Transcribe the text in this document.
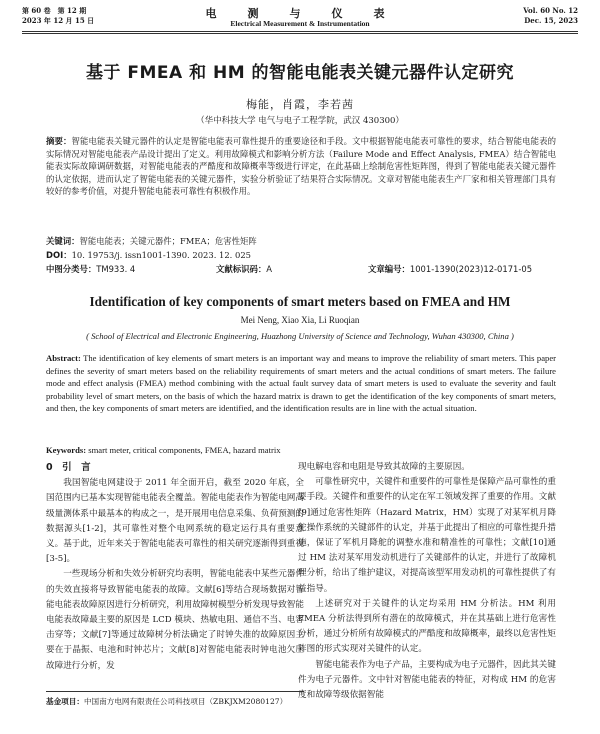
第 60 卷　第 12 期
2023 年 12 月 15 日	电　测　与　仪　表
Electrical Measurement & Instrumentation
Vol. 60 No. 12
Dec. 15, 2023
基于 FMEA 和 HM 的智能电能表关键元器件认定研究
梅能，肖霞，李若茜
（华中科技大学 电气与电子工程学院，武汉 430300）
摘要：智能电能表关键元器件的认定是智能电能表可靠性提升的重要途径和手段。文中根据智能电能表可靠性的要求，结合智能电能表的实际情况对智能电能表产品设计提出了定义。利用故障模式和影响分析方法（Failure Mode and Effect Analysis, FMEA）结合智能电能表实际故障调研数据，对智能电能表的严酷度和故障概率等级进行评定，在此基础上绘制危害性矩阵图，得到了智能电能表关键元器件的认定依据，进而认定了智能电能表的关键元器件，实验分析验证了结果符合实际情况。文章对智能电能表生产厂家和相关管理部门具有较好的参考价值，对提升智能电能表可靠性有积极作用。
关键词：智能电能表；关键元器件；FMEA；危害性矩阵
DOI：10. 19753/j. issn1001-1390. 2023. 12. 025
中图分类号：TM933. 4	文献标识码：A	文章编号：1001-1390(2023)12-0171-05
Identification of key components of smart meters based on FMEA and HM
Mei Neng, Xiao Xia, Li Ruoqian
( School of Electrical and Electronic Engineering, Huazhong University of Science and Technology, Wuhan 430300, China )
Abstract: The identification of key elements of smart meters is an important way and means to improve the reliability of smart meters. This paper defines the severity of smart meters based on the reliability requirements of smart meters and the actual conditions of smart meters. The failure mode and effect analysis (FMEA) method combining with the actual fault survey data of smart meters is used to evaluate the severity and fault probability level of smart meters, on the basis of which the hazard matrix is drawn to get the identification of the key components of smart meters, and then, the key components of smart meters are identified, and the identification results are in line with the actual situation.
Keywords: smart meter, critical components, FMEA, hazard matrix
0　引　言

我国智能电网建设于 2011 年全面开启，截至 2020 年底，全国范围内已基本实现智能电能表全覆盖。智能电能表作为智能电网高级量测体系中最基本的构成之一，是开展用电信息采集、负荷预测的数据源头[1-2]，其可靠性对整个电网系统的稳定运行具有重要意义。基于此，近年来关于智能电能表可靠性的相关研究逐渐得到重视[3-5]。

一些现场分析和失效分析研究均表明，智能电能表中某些元器件的失效直接将导致智能电能表的故障。文献[6]等结合现场数据对智能电能表故障原因进行分析研究，利用故障树模型分析发现导致智能电能表故障最主要的原因是 LCD 模块、热敏电阻、通信不当、电容击穿等；文献[7]等通过故障树分析法确定了时钟失准的故障原因主要在于晶振、电池和时钟芯片；文献[8]对智能电能表时钟电池欠压故障进行分析，发

现电解电容和电阻是导致其故障的主要原因。

可靠性研究中，关键件和重要件的可靠性是保障产品可靠性的重要手段。关键件和重要件的认定在军工领域发挥了重要的作用。文献[9]通过危害性矩阵（Hazard Matrix，HM）实现了对某军机月降舵操作系统的关键部件的认定，并基于此提出了相应的可靠性提升措施，保证了军机月降舵的调整水准和精准性的可靠性；文献[10]通过 HM 法对某军用发动机进行了关键部件的认定，并进行了故障机理分析，给出了维护建议，对提高该型军用发动机的可靠性提供了有益指导。

上述研究对于关键件的认定均采用 HM 分析法。HM 利用 FMEA 分析法得到所有潜在的故障模式，并在其基础上进行危害性分析，通过分析所有故障模式的严酷度和故障概率，最终以危害性矩阵图的形式实现对关键件的认定。

智能电能表作为电子产品，主要构成为电子元器件，因此其关键件为电子元器件。文中针对智能电能表的特征，对构成 HM 的危害度和故障等级依据智能

基金项目：中国南方电网有限责任公司科技项目（ZBKJXM2080127）
